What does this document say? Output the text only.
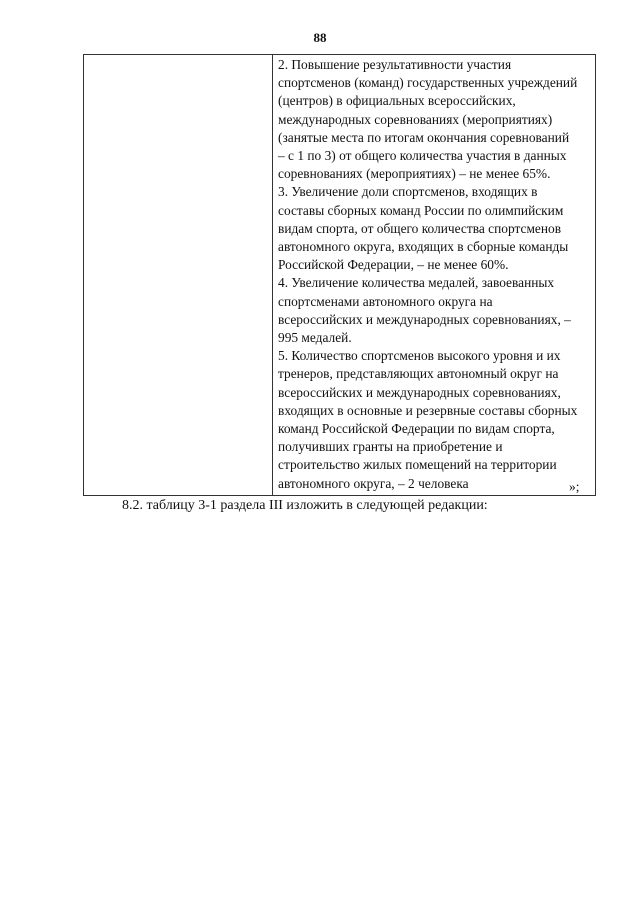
88

2. Повышение результативности участия
спортсменов (команд) государственных учреждений
(центров) в официальных всероссийских,
международных соревнованиях (мероприятиях)
(занятые места по итогам окончания соревнований
– с 1 по 3) от общего количества участия в данных
соревнованиях (мероприятиях) – не менее 65%.
3. Увеличение доли спортсменов, входящих в
составы сборных команд России по олимпийским
видам спорта, от общего количества спортсменов
автономного округа, входящих в сборные команды
Российской Федерации, – не менее 60%.
4. Увеличение количества медалей, завоеванных
спортсменами автономного округа на
всероссийских и международных соревнованиях, –
995 медалей.
5. Количество спортсменов высокого уровня и их
тренеров, представляющих автономный округ на
всероссийских и международных соревнованиях,
входящих в основные и резервные составы сборных
команд Российской Федерации по видам спорта,
получивших гранты на приобретение и
строительство жилых помещений на территории
автономного округа, – 2 человека	»;
8.2. таблицу 3-1 раздела III изложить в следующей редакции:
